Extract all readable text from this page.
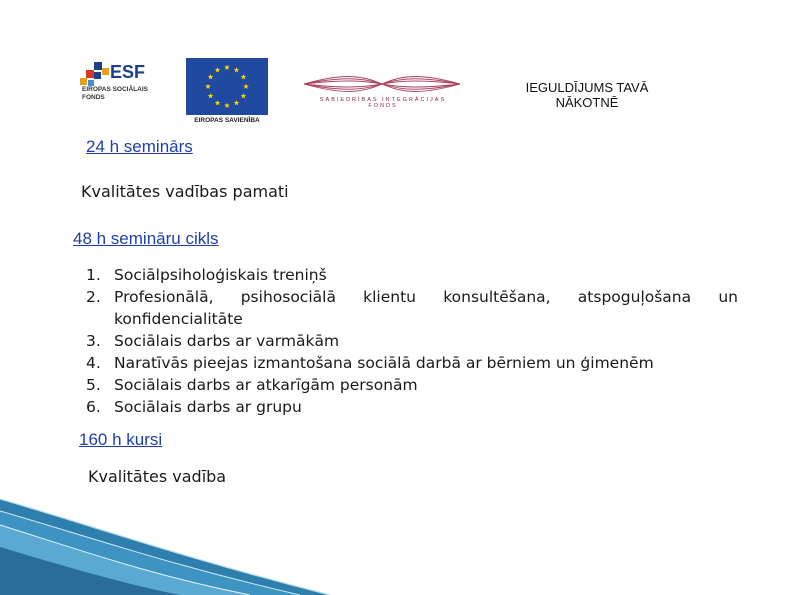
ESF
EIROPAS SOCIĀLAIS FONDS
EIROPAS SAVIENĪBA
SABIEDRĪBAS INTEGRĀCIJAS FONDS
IEGULDĪJUMS TAVĀ
NĀKOTNĒ
24 h seminārs
Kvalitātes vadības pamati
48 h semināru cikls
1. Sociālpsiholoģiskais treniņš
2. Profesionālā, psihosociālā klientu konsultēšana, atspoguļošana un konfidencialitāte
3. Sociālais darbs ar varmākām
4. Naratīvās pieejas izmantošana sociālā darbā ar bērniem un ģimenēm
5. Sociālais darbs ar atkarīgām personām
6. Sociālais darbs ar grupu
160 h kursi
Kvalitātes vadība
